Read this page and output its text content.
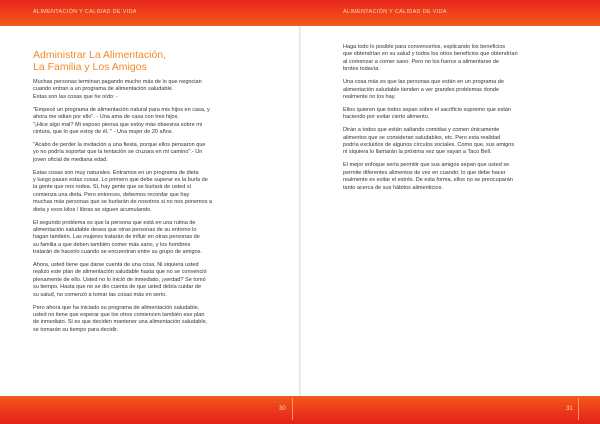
ALIMENTACIÓN Y CALIDAD DE VIDA	ALIMENTACIÓN Y CALIDAD DE VIDA
Administrar La Alimentación,
La Familia y Los Amigos

Muchas personas terminan pagando mucho más de lo que negocian
cuando entran a un programa de alimentación saludable.
Estas son las cosas que he oído: -

"Empecé un programa de alimentación natural para mis hijos en casa, y
ahora me odian por ello". - Una ama de casa con tres hijos.
"¡Hice algo mal? Mi esposo piensa que estoy más obsesiva sobre mi
cintura, que lo que estoy de él. " - Una mujer de 20 años.

"Acabo de perder la invitación a una fiesta, porque ellos pensaron que
yo no podría soportar que la tentación se cruzara en mi camino".- Un
joven oficial de mediana edad.

Estas cosas son muy naturales. Entramos en un programa de dieta
y luego pasan estas cosas. Lo primero que debe superar es la burla de
la gente que nos rodea. Sí, hay gente que se burlará de usted si
comienza una dieta. Pero entonces, debemos recordar que hay
muchas más personas que se burlarán de nosotros si no nos ponemos a
dieta y esos kilos / libras se siguen acumulando.

El segundo problema es que la persona que está en una rutina de
alimentación saludable desea que otras personas de su entorno lo
hagan también. Las mujeres tratarán de influir en otras personas de
su familia a que deben también comer más sano, y los hombres
tratarán de hacerlo cuando se encuentran entre su grupo de amigos.

Ahora, usted tiene que darse cuenta de una cosa. Ni siquiera usted
realizo este plan de alimentación saludable hasta que no se convenció
plenamente de ello. Usted no lo inició de inmediato, ¡verdad? Se tomó
su tiempo. Hasta que no se dio cuenta de que usted debía cuidar de
su salud, no comenzó a tomar las cosas más en serio.

Pero ahora que ha iniciado su programa de alimentación saludable,
usted no tiene que esperar que los otros comiencen también ese plan
de inmediato. Si es que deciden mantener una alimentación saludable,
se tomarán su tiempo para decidir.

Haga todo lo posible para convencerlos, explicando los beneficios
que obtendrían en su salud y todos los otros beneficios que obtendrían
al comenzar a comer sano. Pero no los fuerce a alimentarse de
brotes todavía.

Una cosa más es que las personas que están en un programa de
alimentación saludable tienden a ver grandes problemas donde
realmente no los hay.

Ellos quieren que todos sepan sobre el sacrificio supremo que están
haciendo por evitar cierto alimento.

Dirán a todos que están saltando comidas y comen únicamente
alimentos que se consideran saludables, etc. Pero esta realidad
podría excluirlos de algunos círculos sociales. Como que, sus amigos
ni siquiera lo llamarán la próxima vez que vayan a Taco Bell.

El mejor enfoque sería permitir que sus amigos sepan que usted se
permite diferentes alimentos de vez en cuando; lo que debe hacer
realmente es evitar el estrés. De esta forma, ellos no se preocuparán
tanto acerca de sus hábitos alimenticios.

30	31
